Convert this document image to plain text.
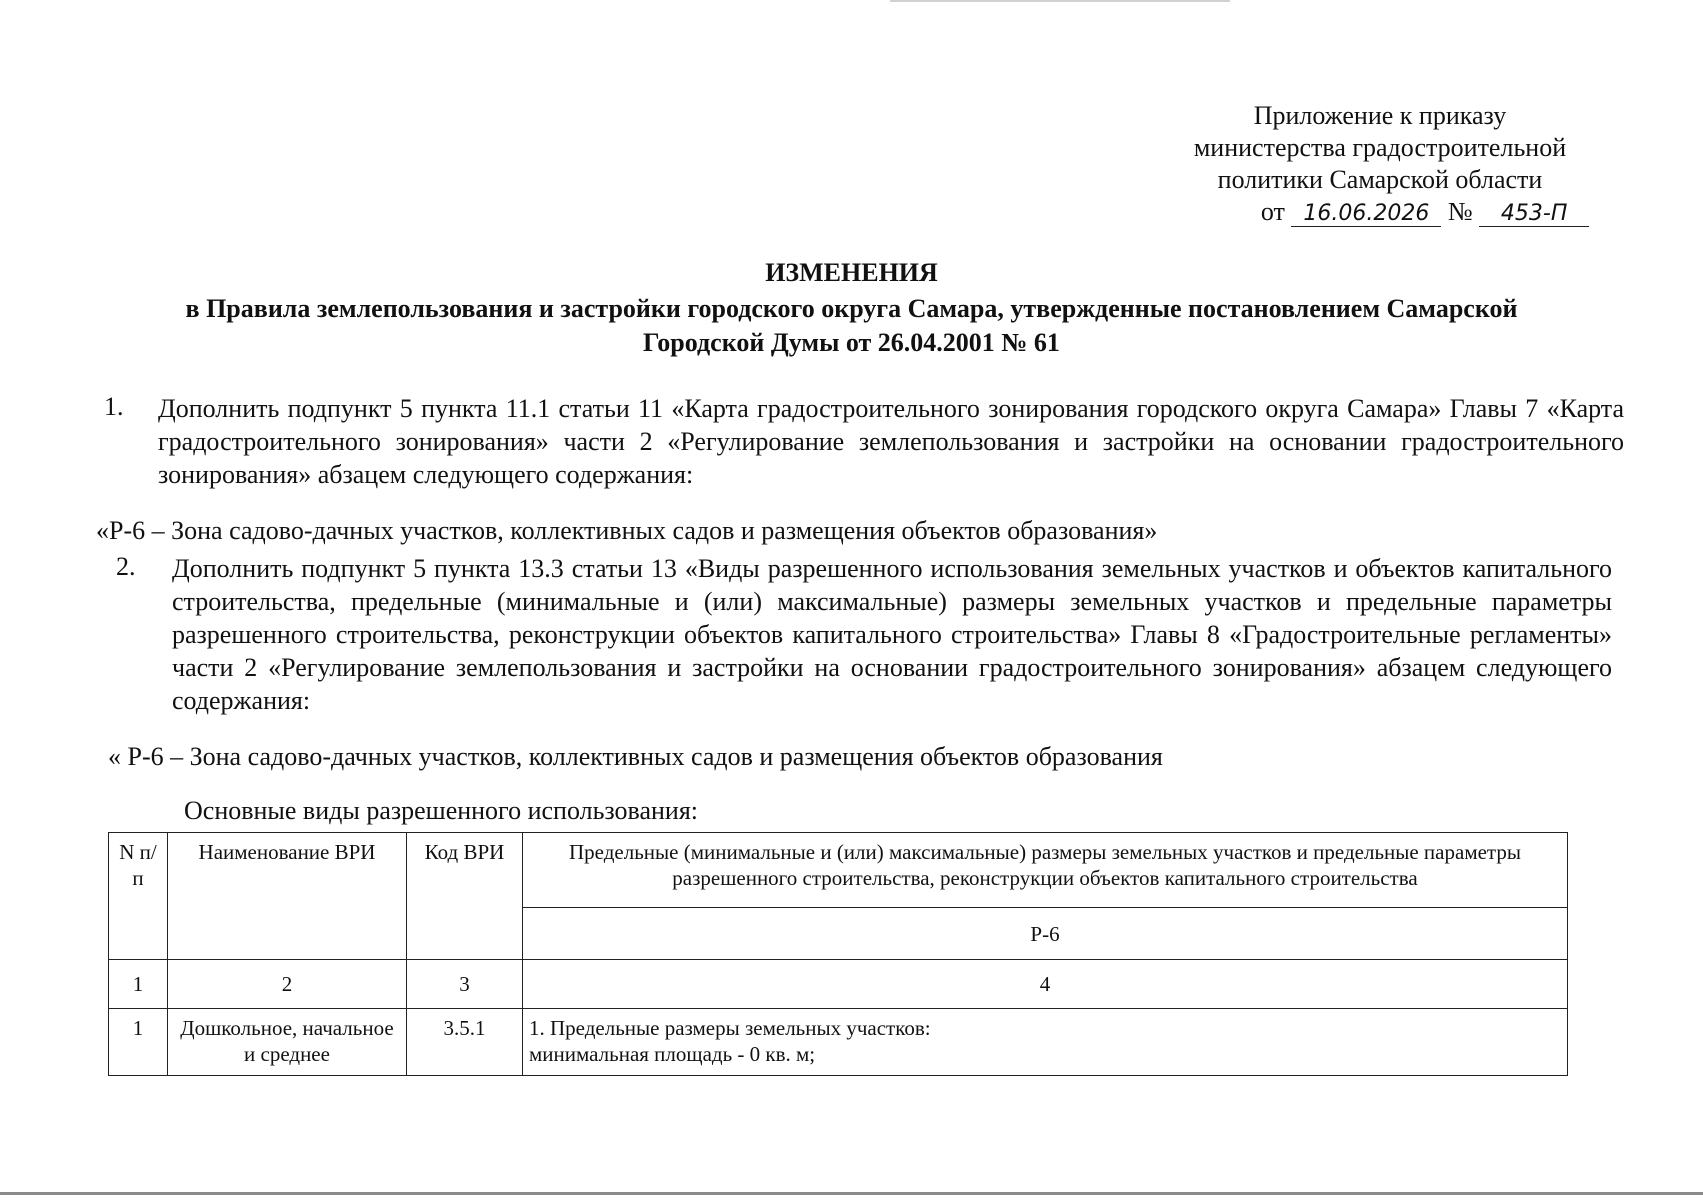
Приложение к приказу
министерства градостроительной
политики Самарской области
от 16.06.2026 № 453-П
ИЗМЕНЕНИЯ
в Правила землепользования и застройки городского округа Самара, утвержденные постановлением Самарской
Городской Думы от 26.04.2001 № 61
1. Дополнить подпункт 5 пункта 11.1 статьи 11 «Карта градостроительного зонирования городского округа Самара» Главы 7 «Карта градостроительного зонирования» части 2 «Регулирование землепользования и застройки на основании градостроительного зонирования» абзацем следующего содержания:
«Р-6 – Зона садово-дачных участков, коллективных садов и размещения объектов образования»
2. Дополнить подпункт 5 пункта 13.3 статьи 13 «Виды разрешенного использования земельных участков и объектов капитального строительства, предельные (минимальные и (или) максимальные) размеры земельных участков и предельные параметры разрешенного строительства, реконструкции объектов капитального строительства» Главы 8 «Градостроительные регламенты» части 2 «Регулирование землепользования и застройки на основании градостроительного зонирования» абзацем следующего содержания:
« Р-6 – Зона садово-дачных участков, коллективных садов и размещения объектов образования
Основные виды разрешенного использования:
N п/п	Наименование ВРИ	Код ВРИ	Предельные (минимальные и (или) максимальные) размеры земельных участков и предельные параметры разрешенного строительства, реконструкции объектов капитального строительства
			Р-6
1	2	3	4
1	Дошкольное, начальное и среднее	3.5.1	1. Предельные размеры земельных участков:
минимальная площадь - 0 кв. м;
